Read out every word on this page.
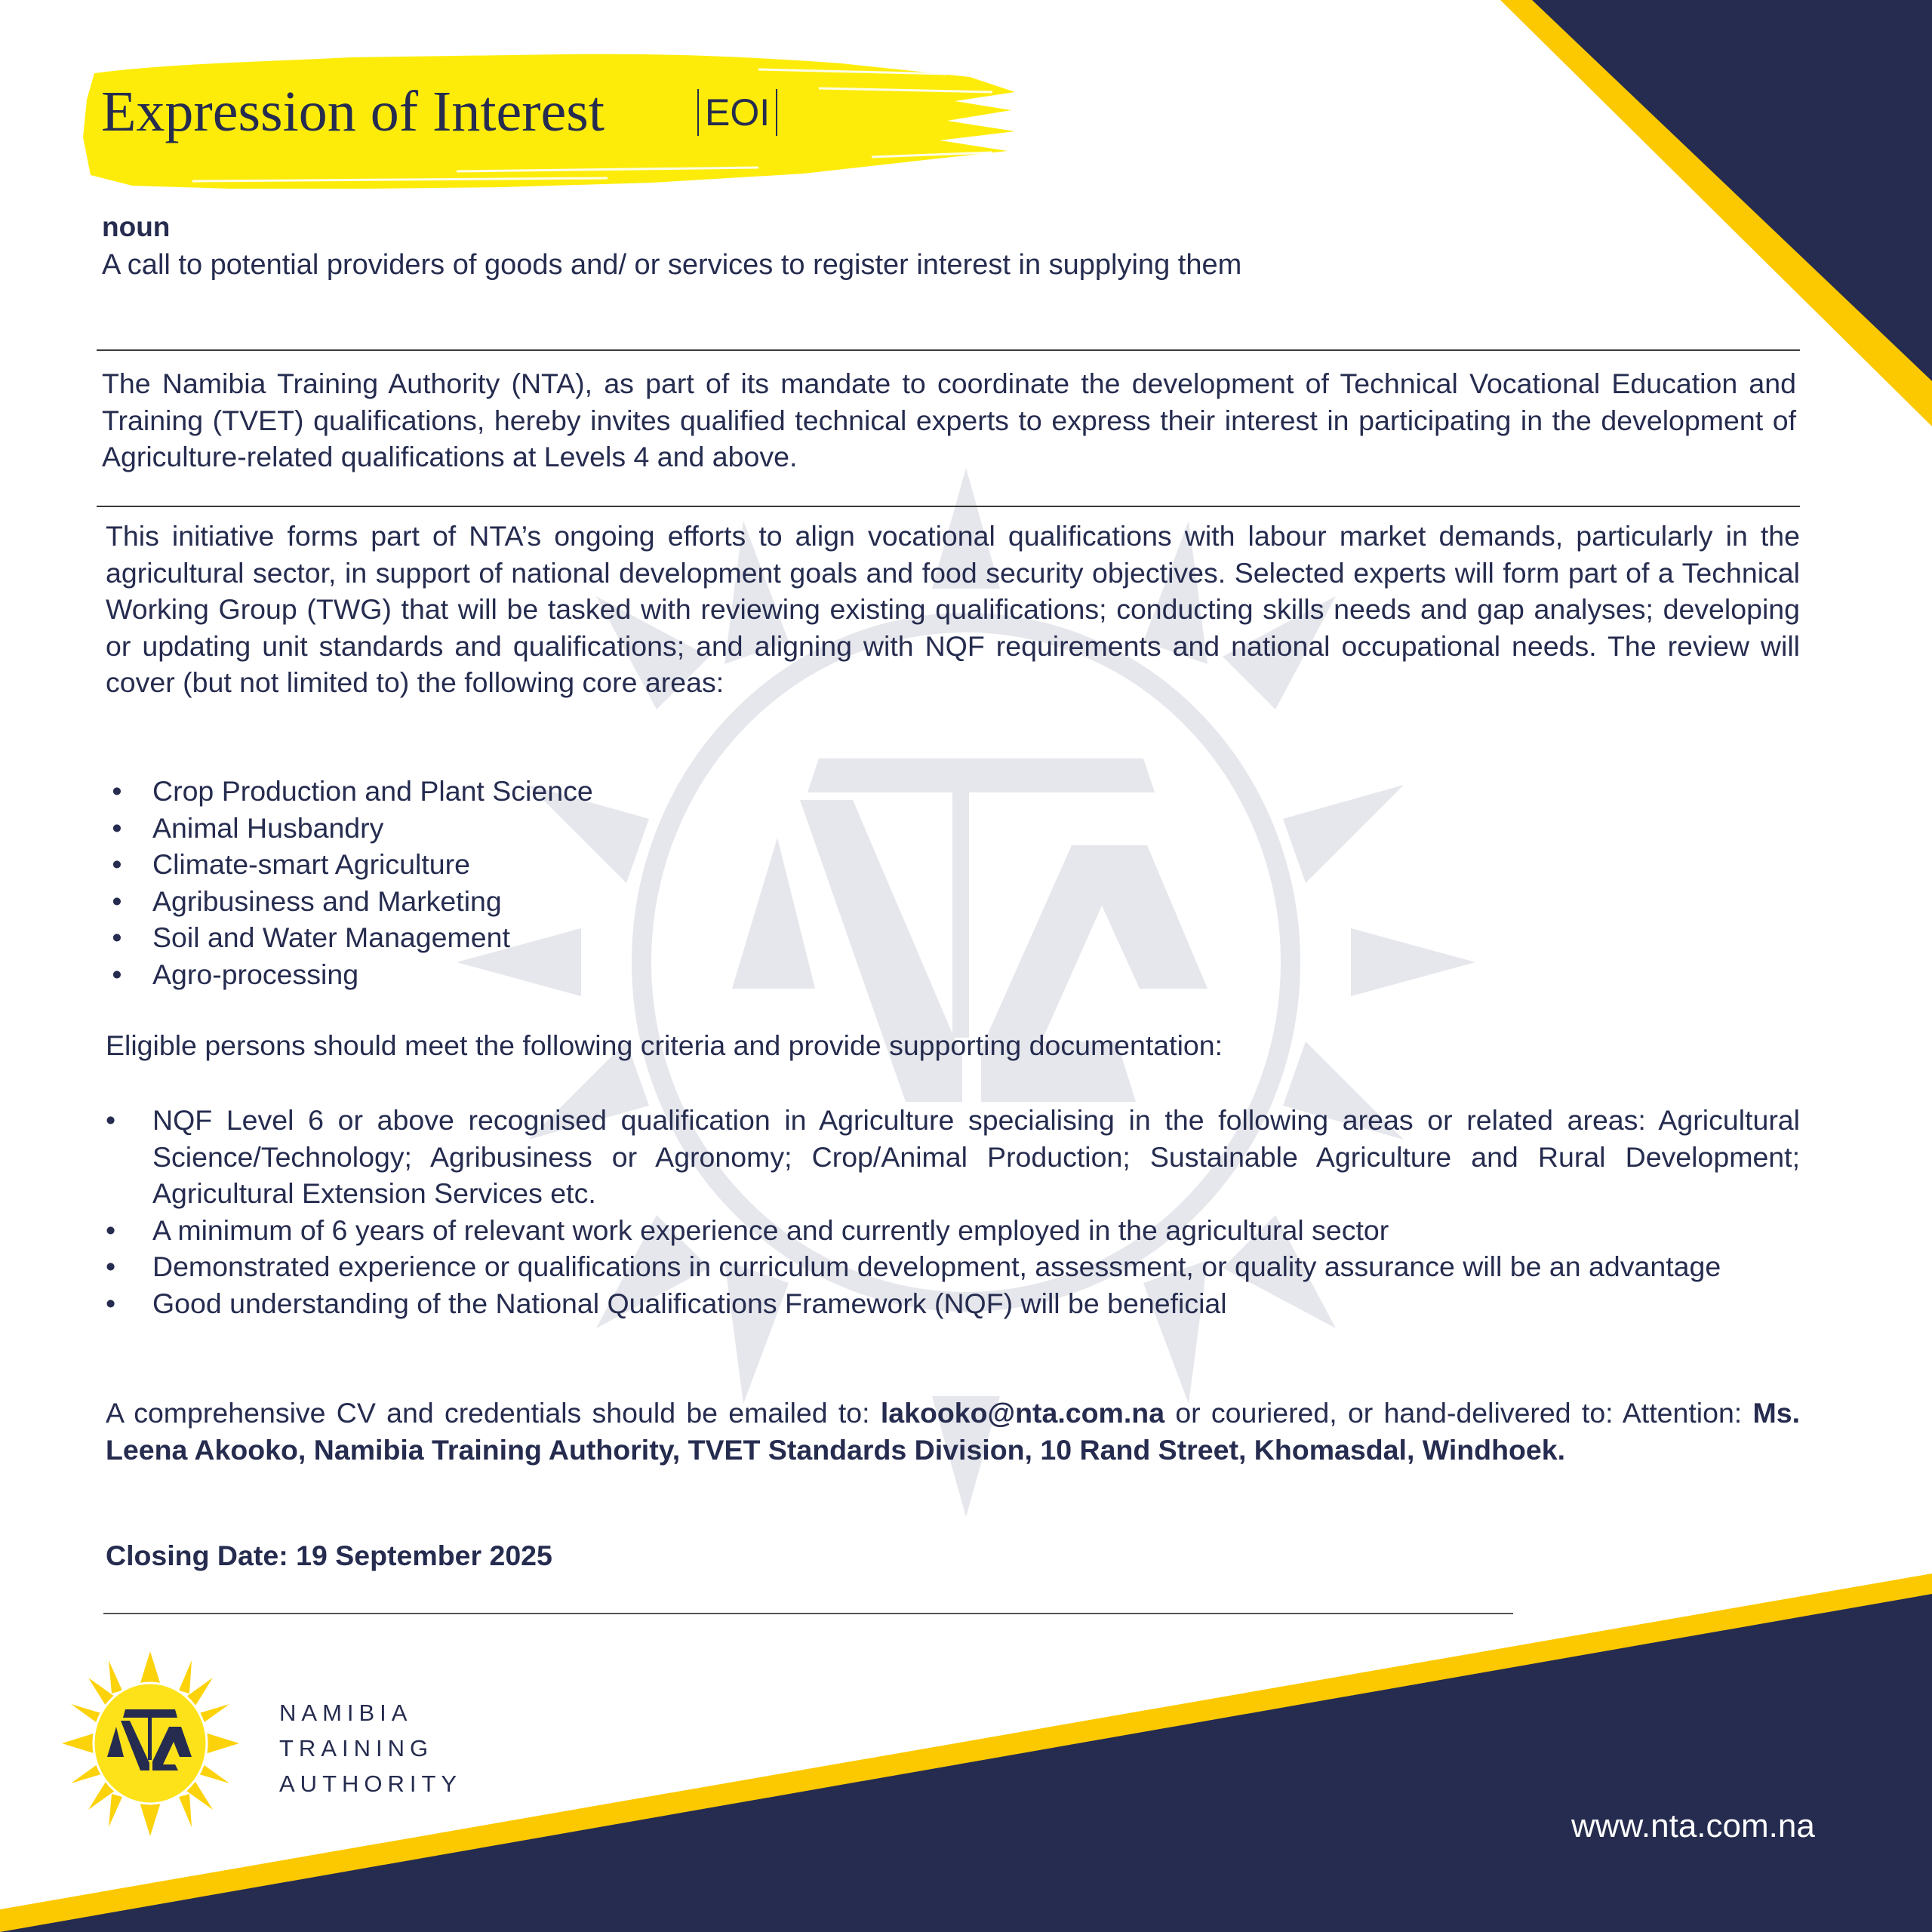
Expression of Interest	EOI
noun
A call to potential providers of goods and/ or services to register interest in supplying them
The Namibia Training Authority (NTA), as part of its mandate to coordinate the development of Technical Vocational Education and Training (TVET) qualifications, hereby invites qualified technical experts to express their interest in participating in the development of Agriculture-related qualifications at Levels 4 and above.
This initiative forms part of NTA’s ongoing efforts to align vocational qualifications with labour market demands, particularly in the agricultural sector, in support of national development goals and food security objectives. Selected experts will form part of a Technical Working Group (TWG) that will be tasked with reviewing existing qualifications; conducting skills needs and gap analyses; developing or updating unit standards and qualifications; and aligning with NQF requirements and national occupational needs. The review will cover (but not limited to) the following core areas:
• Crop Production and Plant Science
• Animal Husbandry
• Climate-smart Agriculture
• Agribusiness and Marketing
• Soil and Water Management
• Agro-processing
Eligible persons should meet the following criteria and provide supporting documentation:
• NQF Level 6 or above recognised qualification in Agriculture specialising in the following areas or related areas: Agricultural Science/Technology; Agribusiness or Agronomy; Crop/Animal Production; Sustainable Agriculture and Rural Development; Agricultural Extension Services etc.
• A minimum of 6 years of relevant work experience and currently employed in the agricultural sector
• Demonstrated experience or qualifications in curriculum development, assessment, or quality assurance will be an advantage
• Good understanding of the National Qualifications Framework (NQF) will be beneficial
A comprehensive CV and credentials should be emailed to: lakooko@nta.com.na or couriered, or hand-delivered to: Attention: Ms. Leena Akooko, Namibia Training Authority, TVET Standards Division, 10 Rand Street, Khomasdal, Windhoek.
Closing Date: 19 September 2025
NAMIBIA
TRAINING
AUTHORITY
www.nta.com.na
